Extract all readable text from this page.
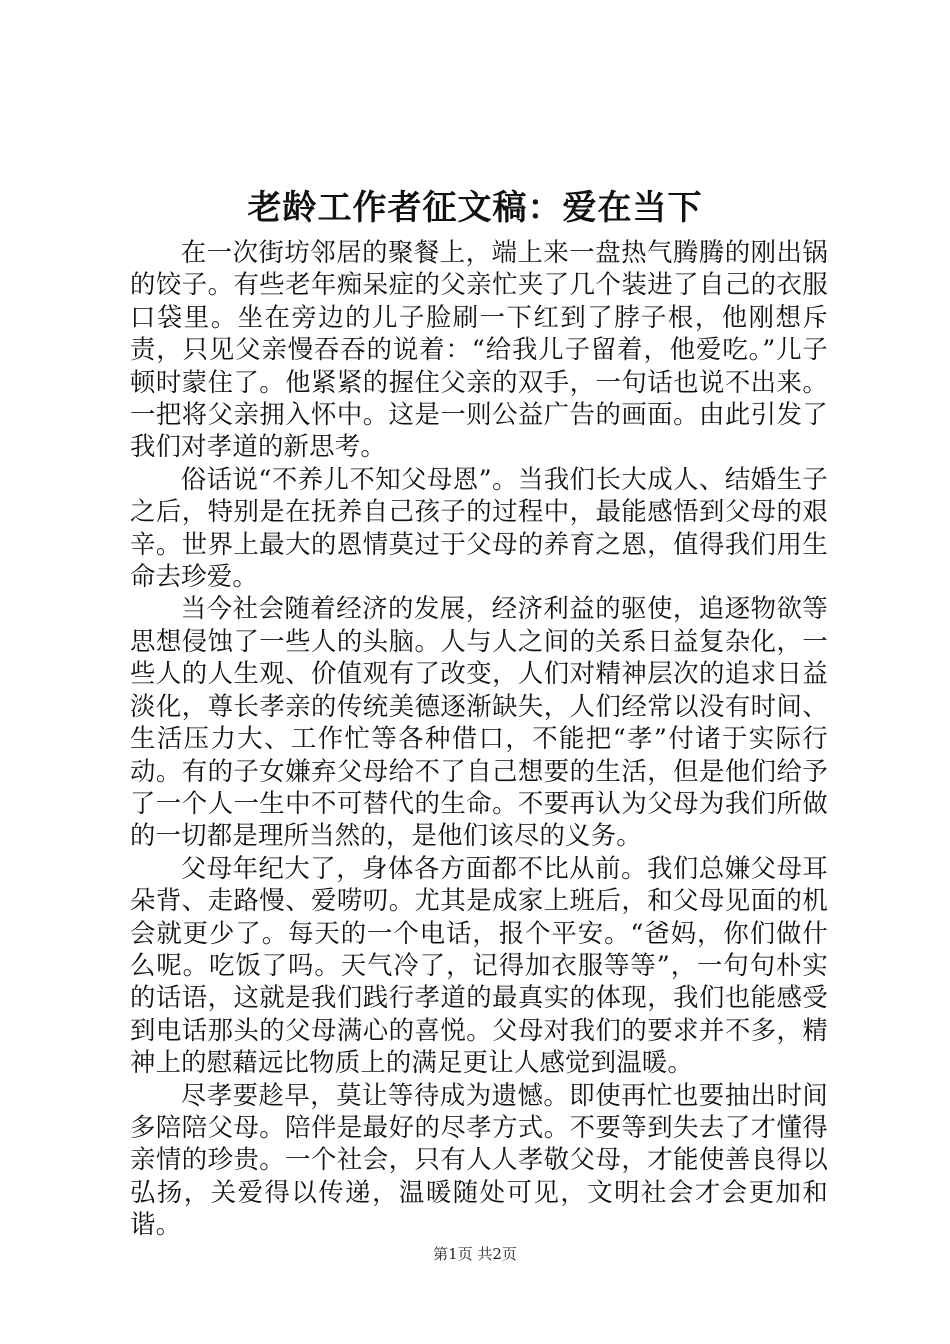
老龄工作者征文稿：爱在当下

在一次街坊邻居的聚餐上，端上来一盘热气腾腾的刚出锅的饺子。有些老年痴呆症的父亲忙夹了几个装进了自己的衣服口袋里。坐在旁边的儿子脸刷一下红到了脖子根，他刚想斥责，只见父亲慢吞吞的说着：“给我儿子留着，他爱吃。”儿子顿时蒙住了。他紧紧的握住父亲的双手，一句话也说不出来。一把将父亲拥入怀中。这是一则公益广告的画面。由此引发了我们对孝道的新思考。

俗话说“不养儿不知父母恩”。当我们长大成人、结婚生子之后，特别是在抚养自己孩子的过程中，最能感悟到父母的艰辛。世界上最大的恩情莫过于父母的养育之恩，值得我们用生命去珍爱。

当今社会随着经济的发展，经济利益的驱使，追逐物欲等思想侵蚀了一些人的头脑。人与人之间的关系日益复杂化，一些人的人生观、价值观有了改变，人们对精神层次的追求日益淡化，尊长孝亲的传统美德逐渐缺失，人们经常以没有时间、生活压力大、工作忙等各种借口，不能把“孝”付诸于实际行动。有的子女嫌弃父母给不了自己想要的生活，但是他们给予了一个人一生中不可替代的生命。不要再认为父母为我们所做的一切都是理所当然的，是他们该尽的义务。

父母年纪大了，身体各方面都不比从前。我们总嫌父母耳朵背、走路慢、爱唠叨。尤其是成家上班后，和父母见面的机会就更少了。每天的一个电话，报个平安。“爸妈，你们做什么呢。吃饭了吗。天气冷了，记得加衣服等等”，一句句朴实的话语，这就是我们践行孝道的最真实的体现，我们也能感受到电话那头的父母满心的喜悦。父母对我们的要求并不多，精神上的慰藉远比物质上的满足更让人感觉到温暖。

尽孝要趁早，莫让等待成为遗憾。即使再忙也要抽出时间多陪陪父母。陪伴是最好的尽孝方式。不要等到失去了才懂得亲情的珍贵。一个社会，只有人人孝敬父母，才能使善良得以弘扬，关爱得以传递，温暖随处可见，文明社会才会更加和谐。

第1页 共2页
